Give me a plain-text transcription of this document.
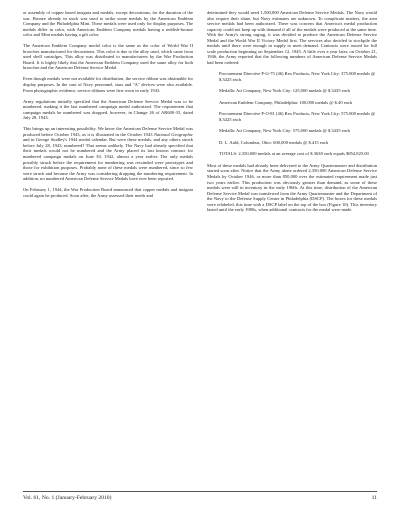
or assembly of copper based insignia and medals, except decorations, for the duration of the war. Bronze already in stock was used to strike some medals by the American Emblem Company and the Philadelphia Mint. These medals were used only for display purposes. The medals differ in color, with American Emblem Company medals having a reddish-bronze color and Mint medals having a gilt color.

The American Emblem Company medal color is the same as the color of World War II brooches manufactured for decorations. This color is due to the alloy used, which came from used shell cartridges. This alloy was distributed to manufacturers by the War Production Board. It is highly likely that the American Emblem Company used the same alloy for both brooches and the American Defense Service Medal.

Even though medals were not available for distribution, the service ribbon was obtainable for display purposes. In the case of Navy personnel, stars and "A" devices were also available. From photographic evidence, service ribbons were first worn in early 1943.

Army regulations initially specified that the American Defense Service Medal was to be numbered, making it the last numbered campaign medal authorized. The requirement that campaign medals be numbered was dropped, however, in Change 26 of AR600-35, dated July 28, 1943.

This brings up an interesting possibility. We know the American Defense Service Medal was produced before October 1943, as it is illustrated in the October 1943 National Geographic and in George Studley's 1944 medal calendar. But were these medals, and any others struck before July 28, 1943, numbered? That seems unlikely. The Navy had already specified that their medals would not be numbered and the Army placed its last known contract for numbered campaign medals on June 30, 1942, almost a year earlier. The only medals possibly struck before the requirement for numbering was rescinded were prototypes and those for exhibition purposes. Probably none of these medals were numbered, since so few were struck and because the Army was considering dropping the numbering requirement. In addition, no numbered American Defense Service Medals have ever been reported.

On February 1, 1944, the War Production Board announced that copper medals and insignia could again be produced. Soon after, the Army assessed their needs and

determined they would need 1,500,000 American Defense Service Medals. The Navy would also require their share, but Navy estimates are unknown. To complicate matters, the area service medals had been authorized. There was concern that America's medal production capacity could not keep up with demand if all of the medals were produced at the same time. With the Army's strong urging, it was decided to produce the American Defense Service Medal and the World War II Victory Medal first. The services also decided to stockpile the medals until there were enough in supply to meet demand. Contracts were issued for full scale production beginning on September 12, 1945. A little over a year later, on October 21, 1946, the Army reported that the following numbers of American Defense Service Medals had been ordered:

Procurement Directive P-G-75 (46) Rex Products, New York City: 375,000 medals @ $.3425 each.
Medallic Art Company, New York City: 125,000 medals @ $.3435 each
American Emblem Company, Philadelphia: 100,000 medals @ $.40 each
Procurement Directive P-O-81 (46) Rex Products, New York City: 575,000 medals @ $.3425 each
Medallic Art Company, New York City: 575,000 medals @ $.3435 each
D. L. Auld, Columbus, Ohio: 600,000 medals @ $.415 each
TOTALS: 2,350,000 medals at an average cost of $.3638 each equals $854,825.00

Most of these medals had already been delivered to the Army Quartermaster and distribution started soon after. Notice that the Army alone ordered 2,350,000 American Defense Service Medals by October 1946, or more than 850,000 over the estimated requirement made just two years earlier. This production was obviously greater than demand, as some of these medals were still in inventory in the early 1960s. At this time, distribution of the American Defense Service Medal was transferred from the Army Quartermaster and the Department of the Navy to the Defense Supply Center in Philadelphia (DSCP). The boxes for these medals were relabeled, this time with a DSCP label on the top of the box (Figure 10). This inventory lasted until the early 1980s, when additional contracts for the medal were made.

Vol. 61, No. 1 (January-February 2010)	11
